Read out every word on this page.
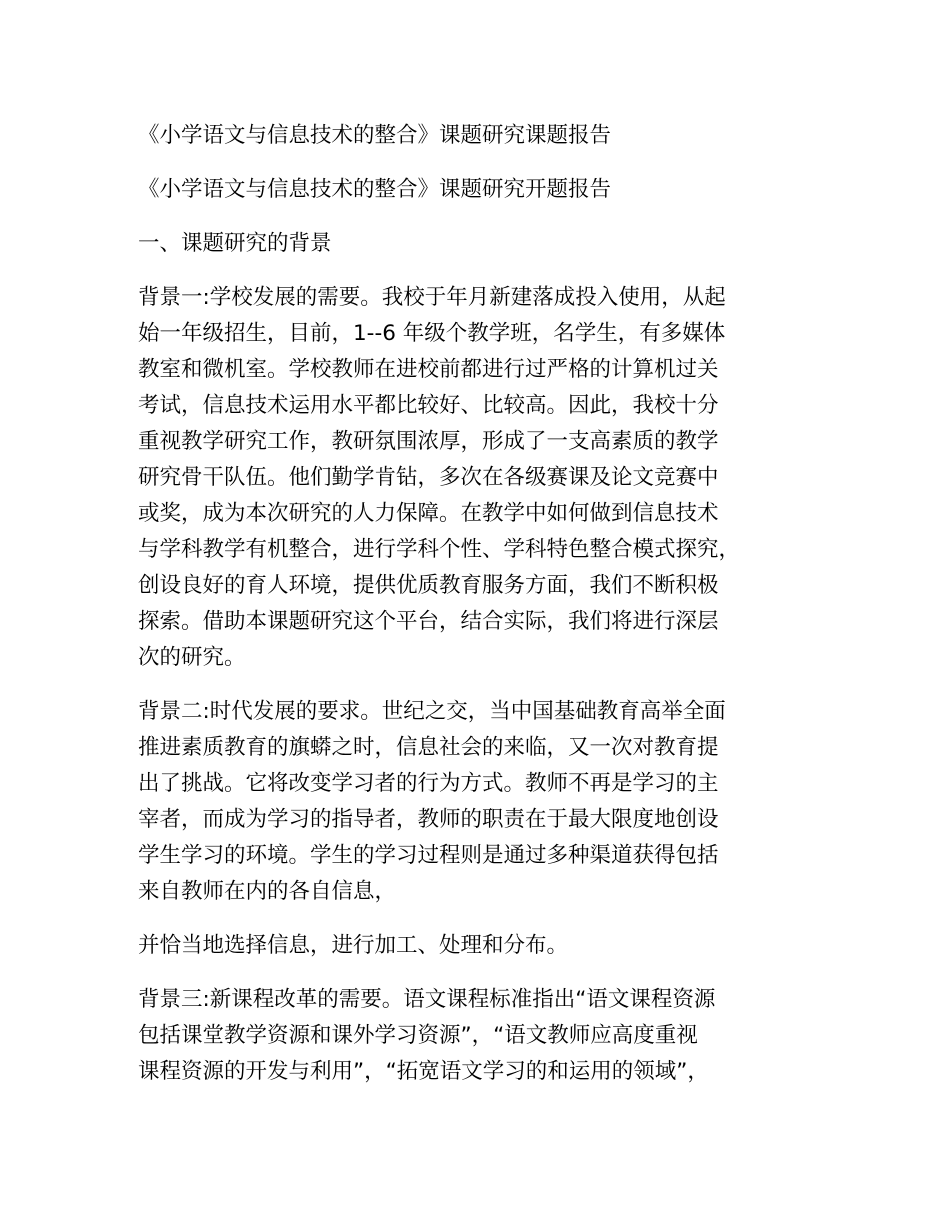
《小学语文与信息技术的整合》课题研究课题报告

《小学语文与信息技术的整合》课题研究开题报告

一、课题研究的背景

背景一:学校发展的需要。我校于年月新建落成投入使用，从起

始一年级招生，目前，1--6 年级个教学班，名学生，有多媒体

教室和微机室。学校教师在进校前都进行过严格的计算机过关

考试，信息技术运用水平都比较好、比较高。因此，我校十分

重视教学研究工作，教研氛围浓厚，形成了一支高素质的教学

研究骨干队伍。他们勤学肯钻，多次在各级赛课及论文竞赛中

或奖，成为本次研究的人力保障。在教学中如何做到信息技术

与学科教学有机整合，进行学科个性、学科特色整合模式探究，

创设良好的育人环境，提供优质教育服务方面，我们不断积极

探索。借助本课题研究这个平台，结合实际，我们将进行深层

次的研究。

背景二:时代发展的要求。世纪之交，当中国基础教育高举全面

推进素质教育的旗蟒之时，信息社会的来临，又一次对教育提

出了挑战。它将改变学习者的行为方式。教师不再是学习的主

宰者，而成为学习的指导者，教师的职责在于最大限度地创设

学生学习的环境。学生的学习过程则是通过多种渠道获得包括

来自教师在内的各自信息，

并恰当地选择信息，进行加工、处理和分布。

背景三:新课程改革的需要。语文课程标准指出“语文课程资源

包括课堂教学资源和课外学习资源”，“语文教师应高度重视

课程资源的开发与利用”，“拓宽语文学习的和运用的领域”，
